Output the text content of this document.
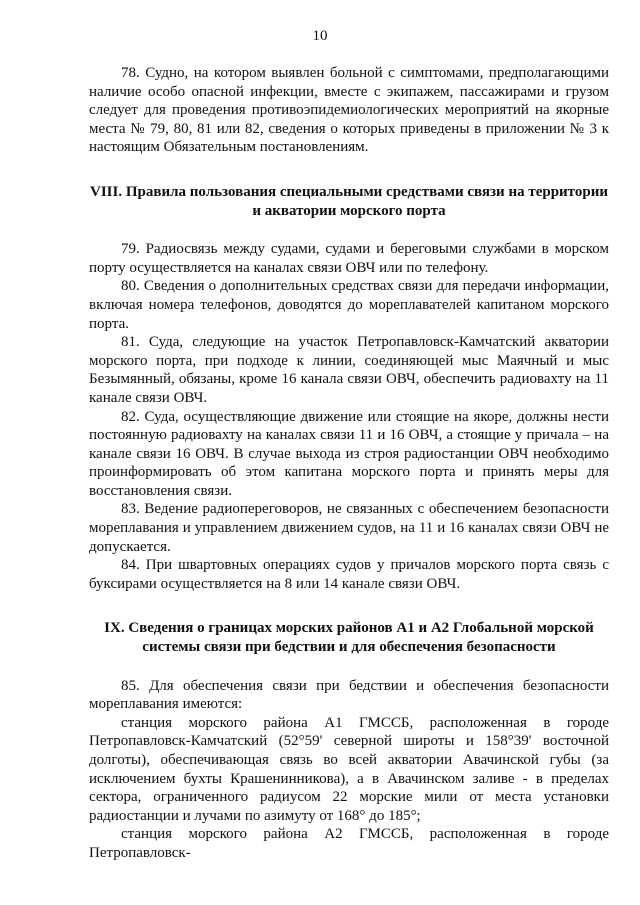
10

78. Судно, на котором выявлен больной с симптомами, предполагающими наличие особо опасной инфекции, вместе с экипажем, пассажирами и грузом следует для проведения противоэпидемиологических мероприятий на якорные места № 79, 80, 81 или 82, сведения о которых приведены в приложении № 3 к настоящим Обязательным постановлениям.

VIII. Правила пользования специальными средствами связи на территории и акватории морского порта

79. Радиосвязь между судами, судами и береговыми службами в морском порту осуществляется на каналах связи ОВЧ или по телефону.

80. Сведения о дополнительных средствах связи для передачи информации, включая номера телефонов, доводятся до мореплавателей капитаном морского порта.

81. Суда, следующие на участок Петропавловск-Камчатский акватории морского порта, при подходе к линии, соединяющей мыс Маячный и мыс Безымянный, обязаны, кроме 16 канала связи ОВЧ, обеспечить радиовахту на 11 канале связи ОВЧ.

82. Суда, осуществляющие движение или стоящие на якоре, должны нести постоянную радиовахту на каналах связи 11 и 16 ОВЧ, а стоящие у причала – на канале связи 16 ОВЧ. В случае выхода из строя радиостанции ОВЧ необходимо проинформировать об этом капитана морского порта и принять меры для восстановления связи.

83. Ведение радиопереговоров, не связанных с обеспечением безопасности мореплавания и управлением движением судов, на 11 и 16 каналах связи ОВЧ не допускается.

84. При швартовных операциях судов у причалов морского порта связь с буксирами осуществляется на 8 или 14 канале связи ОВЧ.

IX. Сведения о границах морских районов А1 и А2 Глобальной морской системы связи при бедствии и для обеспечения безопасности

85. Для обеспечения связи при бедствии и обеспечения безопасности мореплавания имеются:

станция морского района А1 ГМССБ, расположенная в городе Петропавловск-Камчатский (52°59' северной широты и 158°39' восточной долготы), обеспечивающая связь во всей акватории Авачинской губы (за исключением бухты Крашенинникова), а в Авачинском заливе - в пределах сектора, ограниченного радиусом 22 морские мили от места установки радиостанции и лучами по азимуту от 168° до 185°;

станция морского района А2 ГМССБ, расположенная в городе Петропавловск-
